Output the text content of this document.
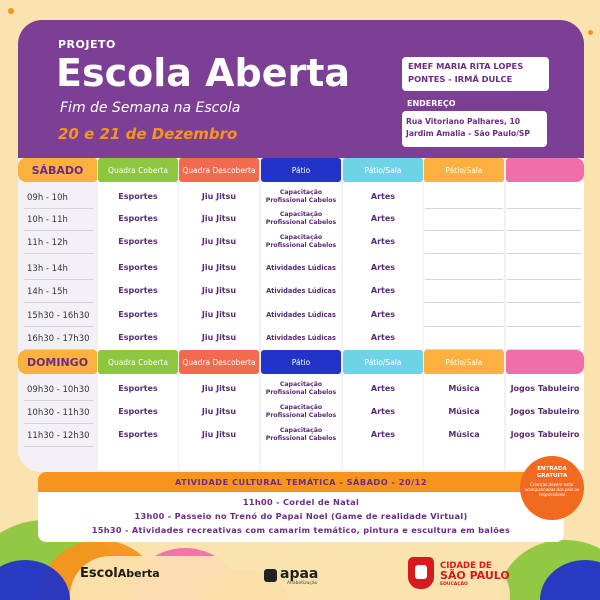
PROJETO
Escola Aberta
Fim de Semana na Escola
20 e 21 de Dezembro
EMEF MARIA RITA LOPES
PONTES - IRMÃ DULCE
ENDEREÇO
Rua Vitoriano Palhares, 10
Jardim Amalia - São Paulo/SP
SÁBADO	Quadra Coberta	Quadra Descoberta	Pátio	Pátio/Sala	Pátio/Sala
09h - 10h	Esportes	Jiu Jitsu	Capacitação Profissional Cabelos	Artes
10h - 11h	Esportes	Jiu Jitsu	Capacitação Profissional Cabelos	Artes
11h - 12h	Esportes	Jiu Jitsu	Capacitação Profissional Cabelos	Artes
13h - 14h	Esportes	Jiu Jitsu	Atividades Lúdicas	Artes
14h - 15h	Esportes	Jiu Jitsu	Atividades Lúdicas	Artes
15h30 - 16h30	Esportes	Jiu Jitsu	Atividades Lúdicas	Artes
16h30 - 17h30	Esportes	Jiu Jitsu	Atividades Lúdicas	Artes
DOMINGO	Quadra Coberta	Quadra Descoberta	Pátio	Pátio/Sala	Pátio/Sala
09h30 - 10h30	Esportes	Jiu Jitsu	Capacitação Profissional Cabelos	Artes	Música	Jogos Tabuleiro
10h30 - 11h30	Esportes	Jiu Jitsu	Capacitação Profissional Cabelos	Artes	Música	Jogos Tabuleiro
11h30 - 12h30	Esportes	Jiu Jitsu	Capacitação Profissional Cabelos	Artes	Música	Jogos Tabuleiro
ATIVIDADE CULTURAL TEMÁTICA - SÁBADO - 20/12
11h00 - Cordel de Natal
13h00 - Passeio no Trenó do Papai Noel (Game de realidade Virtual)
15h30 - Atividades recreativas com camarim temático, pintura e escultura em balões
ENTRADA
GRATUITA
Crianças devem estar acompanhadas dos pais ou responsáveis
EscolAberta	apaa
Alfabetização
CIDADE DE
SÃO PAULO
EDUCAÇÃO
